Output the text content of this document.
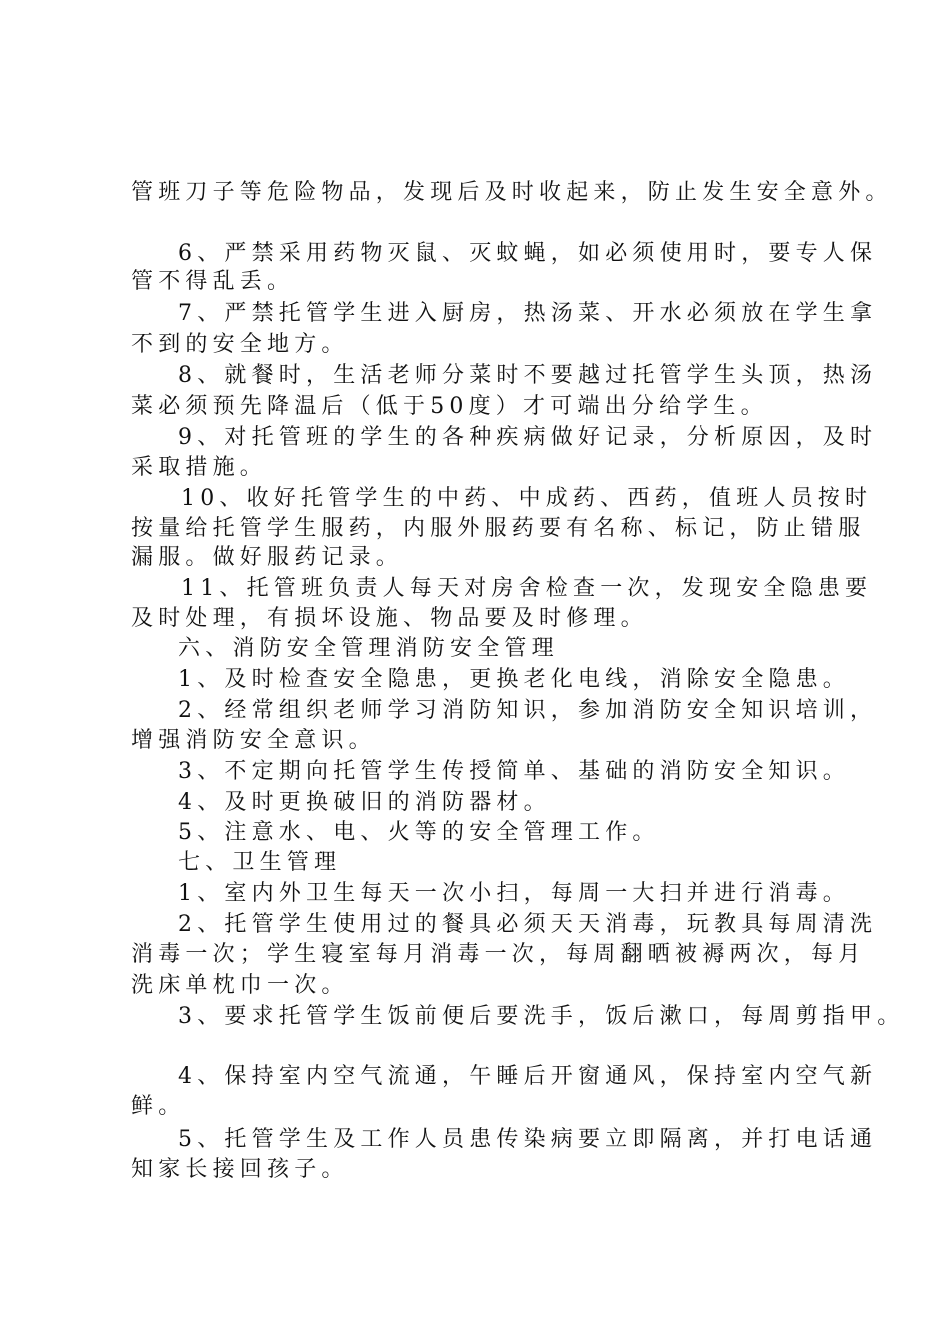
管班刀子等危险物品，发现后及时收起来，防止发生安全意外。
6、严禁采用药物灭鼠、灭蚊蝇，如必须使用时，要专人保
管不得乱丢。
7、严禁托管学生进入厨房，热汤菜、开水必须放在学生拿
不到的安全地方。
8、就餐时，生活老师分菜时不要越过托管学生头顶，热汤
菜必须预先降温后（低于50度）才可端出分给学生。
9、对托管班的学生的各种疾病做好记录，分析原因，及时
采取措施。
10、收好托管学生的中药、中成药、西药，值班人员按时
按量给托管学生服药，内服外服药要有名称、标记，防止错服
漏服。做好服药记录。
11、托管班负责人每天对房舍检查一次，发现安全隐患要
及时处理，有损坏设施、物品要及时修理。
六、消防安全管理消防安全管理
1、及时检查安全隐患，更换老化电线，消除安全隐患。
2、经常组织老师学习消防知识，参加消防安全知识培训，
增强消防安全意识。
3、不定期向托管学生传授简单、基础的消防安全知识。
4、及时更换破旧的消防器材。
5、注意水、电、火等的安全管理工作。
七、卫生管理
1、室内外卫生每天一次小扫，每周一大扫并进行消毒。
2、托管学生使用过的餐具必须天天消毒，玩教具每周清洗
消毒一次；学生寝室每月消毒一次，每周翻晒被褥两次，每月
洗床单枕巾一次。
3、要求托管学生饭前便后要洗手，饭后漱口，每周剪指甲。
4、保持室内空气流通，午睡后开窗通风，保持室内空气新
鲜。
5、托管学生及工作人员患传染病要立即隔离，并打电话通
知家长接回孩子。
